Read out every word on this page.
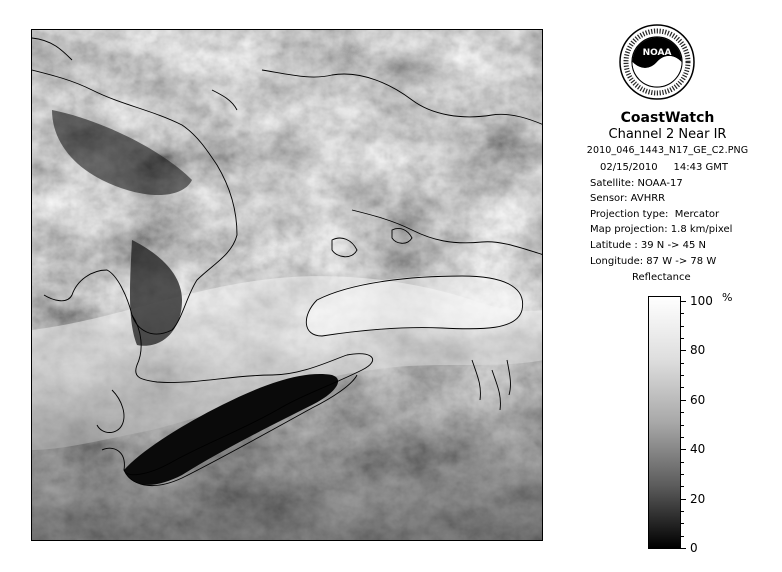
NOAA
CoastWatch
Channel 2 Near IR
2010_046_1443_N17_GE_C2.PNG
02/15/2010     14:43 GMT
Satellite: NOAA-17
Sensor: AVHRR
Projection type:  Mercator
Map projection: 1.8 km/pixel
Latitude : 39 N -> 45 N
Longitude: 87 W -> 78 W
Reflectance
100
80
60
40
20
0
%
